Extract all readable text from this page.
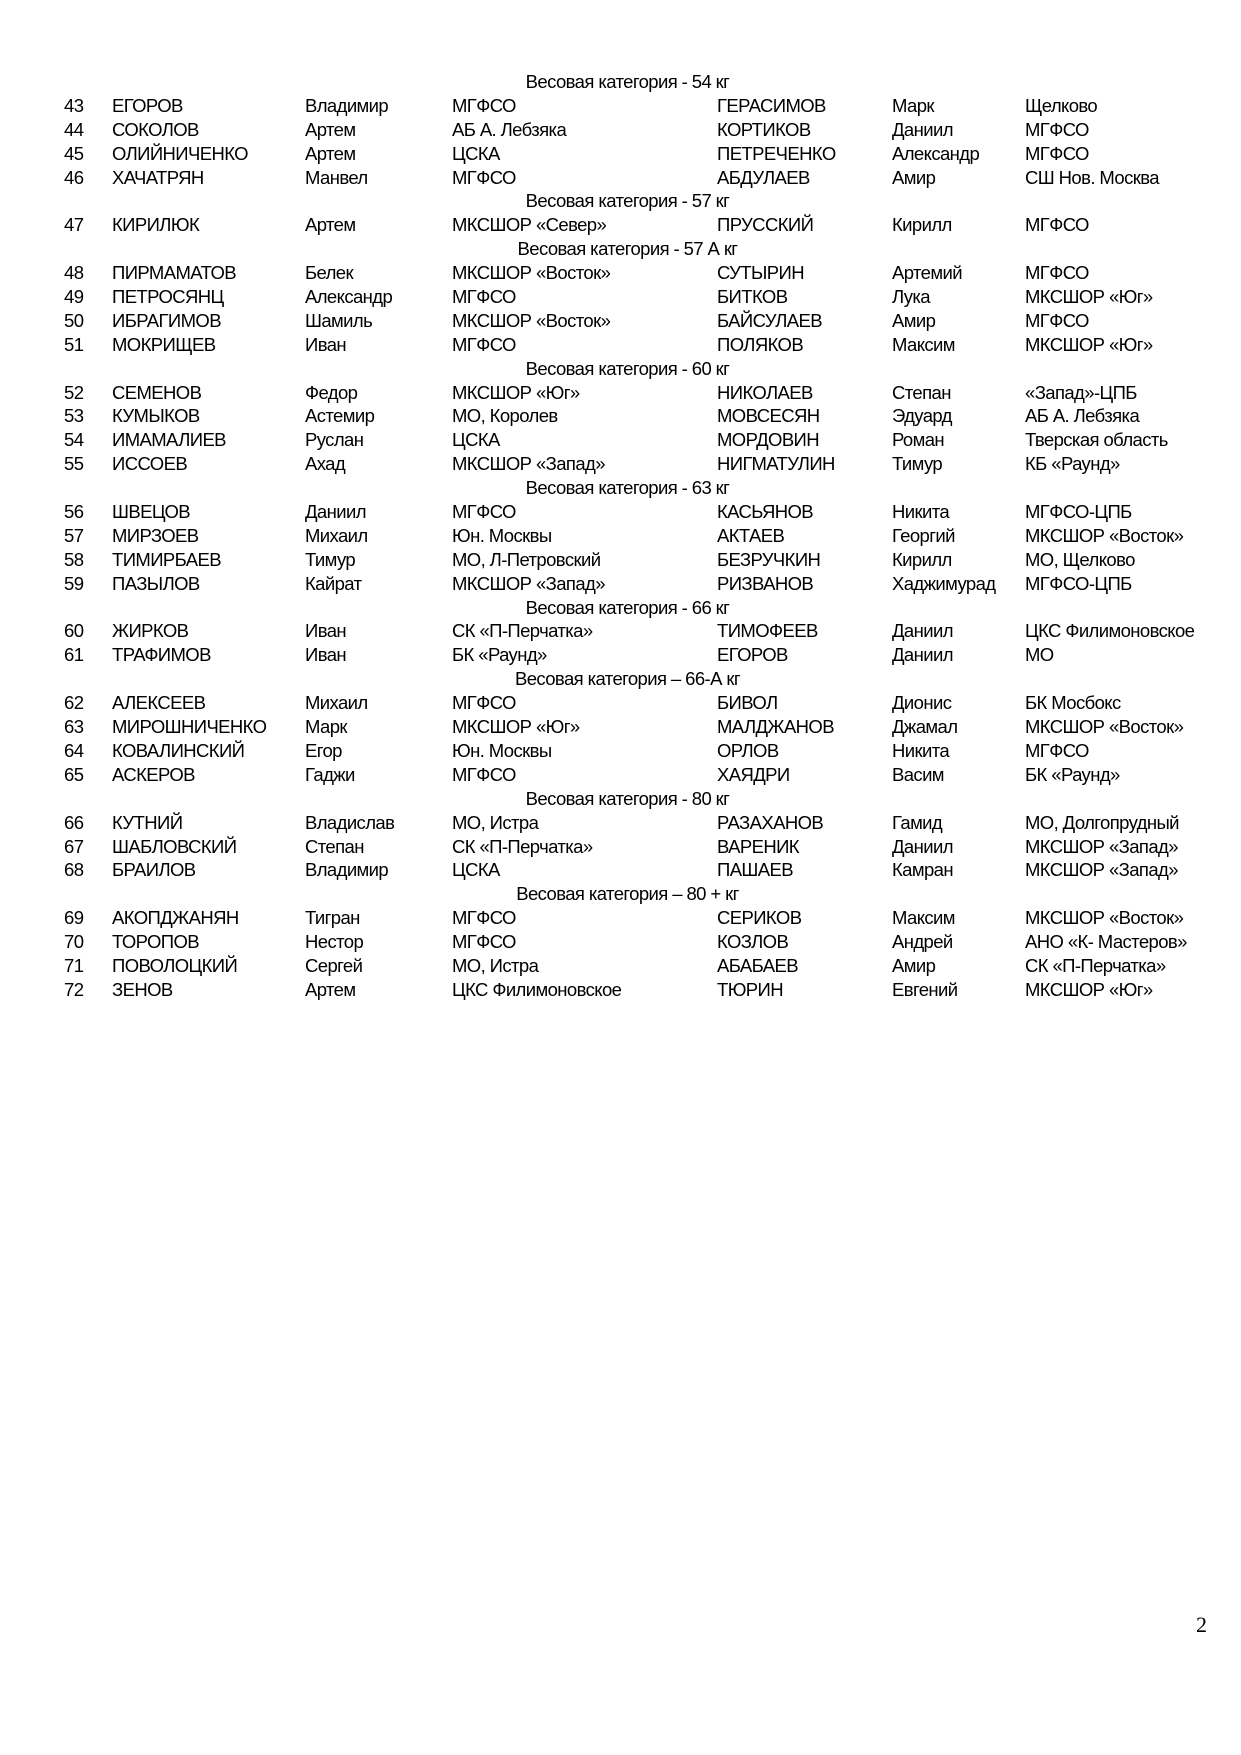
Весовая категория - 54 кг
43 ЕГОРОВ	Владимир	МГФСО	ГЕРАСИМОВ	Марк	Щелково
44 СОКОЛОВ	Артем	АБ А. Лебзяка	КОРТИКОВ	Даниил	МГФСО
45 ОЛИЙНИЧЕНКО	Артем	ЦСКА	ПЕТРЕЧЕНКО	Александр МГФСО
46 ХАЧАТРЯН	Манвел	МГФСО	АБДУЛАЕВ	Амир	СШ Нов. Москва
Весовая категория - 57 кг
47 КИРИЛЮК	Артем	МКСШОР «Север»	ПРУССКИЙ	Кирилл	МГФСО
Весовая категория - 57 А кг
48 ПИРМАМАТОВ	Белек	МКСШОР «Восток»	СУТЫРИН	Артемий	МГФСО
49 ПЕТРОСЯНЦ	Александр	МГФСО	БИТКОВ	Лука	МКСШОР «Юг»
50 ИБРАГИМОВ	Шамиль	МКСШОР «Восток»	БАЙСУЛАЕВ	Амир	МГФСО
51 МОКРИЩЕВ	Иван	МГФСО	ПОЛЯКОВ	Максим	МКСШОР «Юг»
Весовая категория - 60 кг
52 СЕМЕНОВ	Федор	МКСШОР «Юг»	НИКОЛАЕВ	Степан	«Запад»-ЦПБ
53 КУМЫКОВ	Астемир	МО, Королев	МОВСЕСЯН	Эдуард	АБ А. Лебзяка
54 ИМАМАЛИЕВ	Руслан	ЦСКА	МОРДОВИН	Роман	Тверская область
55 ИССОЕВ	Ахад	МКСШОР «Запад»	НИГМАТУЛИН	Тимур	КБ «Раунд»
Весовая категория - 63 кг
56 ШВЕЦОВ	Даниил	МГФСО	КАСЬЯНОВ	Никита	МГФСО-ЦПБ
57 МИРЗОЕВ	Михаил	Юн. Москвы	АКТАЕВ	Георгий	МКСШОР «Восток»
58 ТИМИРБАЕВ	Тимур	МО, Л-Петровский	БЕЗРУЧКИН	Кирилл	МО, Щелково
59 ПАЗЫЛОВ	Кайрат	МКСШОР «Запад»	РИЗВАНОВ	Хаджимурад МГФСО-ЦПБ
Весовая категория - 66 кг
60 ЖИРКОВ	Иван	СК «П-Перчатка»	ТИМОФЕЕВ	Даниил	ЦКС Филимоновское
61 ТРАФИМОВ	Иван	БК «Раунд»	ЕГОРОВ	Даниил	МО
Весовая категория – 66-А кг
62 АЛЕКСЕЕВ	Михаил	МГФСО	БИВОЛ	Дионис	БК Мосбокс
63 МИРОШНИЧЕНКО Марк	МКСШОР «Юг»	МАЛДЖАНОВ	Джамал	МКСШОР «Восток»
64 КОВАЛИНСКИЙ	Егор	Юн. Москвы	ОРЛОВ	Никита	МГФСО
65 АСКЕРОВ	Гаджи	МГФСО	ХАЯДРИ	Васим	БК «Раунд»
Весовая категория - 80 кг
66 КУТНИЙ	Владислав	МО, Истра	РАЗАХАНОВ	Гамид	МО, Долгопрудный
67 ШАБЛОВСКИЙ	Степан	СК «П-Перчатка»	ВАРЕНИК	Даниил	МКСШОР «Запад»
68 БРАИЛОВ	Владимир	ЦСКА	ПАШАЕВ	Камран	МКСШОР «Запад»
Весовая категория – 80 + кг
69 АКОПДЖАНЯН	Тигран	МГФСО	СЕРИКОВ	Максим	МКСШОР «Восток»
70 ТОРОПОВ	Нестор	МГФСО	КОЗЛОВ	Андрей	АНО «К- Мастеров»
71 ПОВОЛОЦКИЙ	Сергей	МО, Истра	АБАБАЕВ	Амир	СК «П-Перчатка»
72 ЗЕНОВ	Артем	ЦКС Филимоновское	ТЮРИН	Евгений	МКСШОР «Юг»
2
